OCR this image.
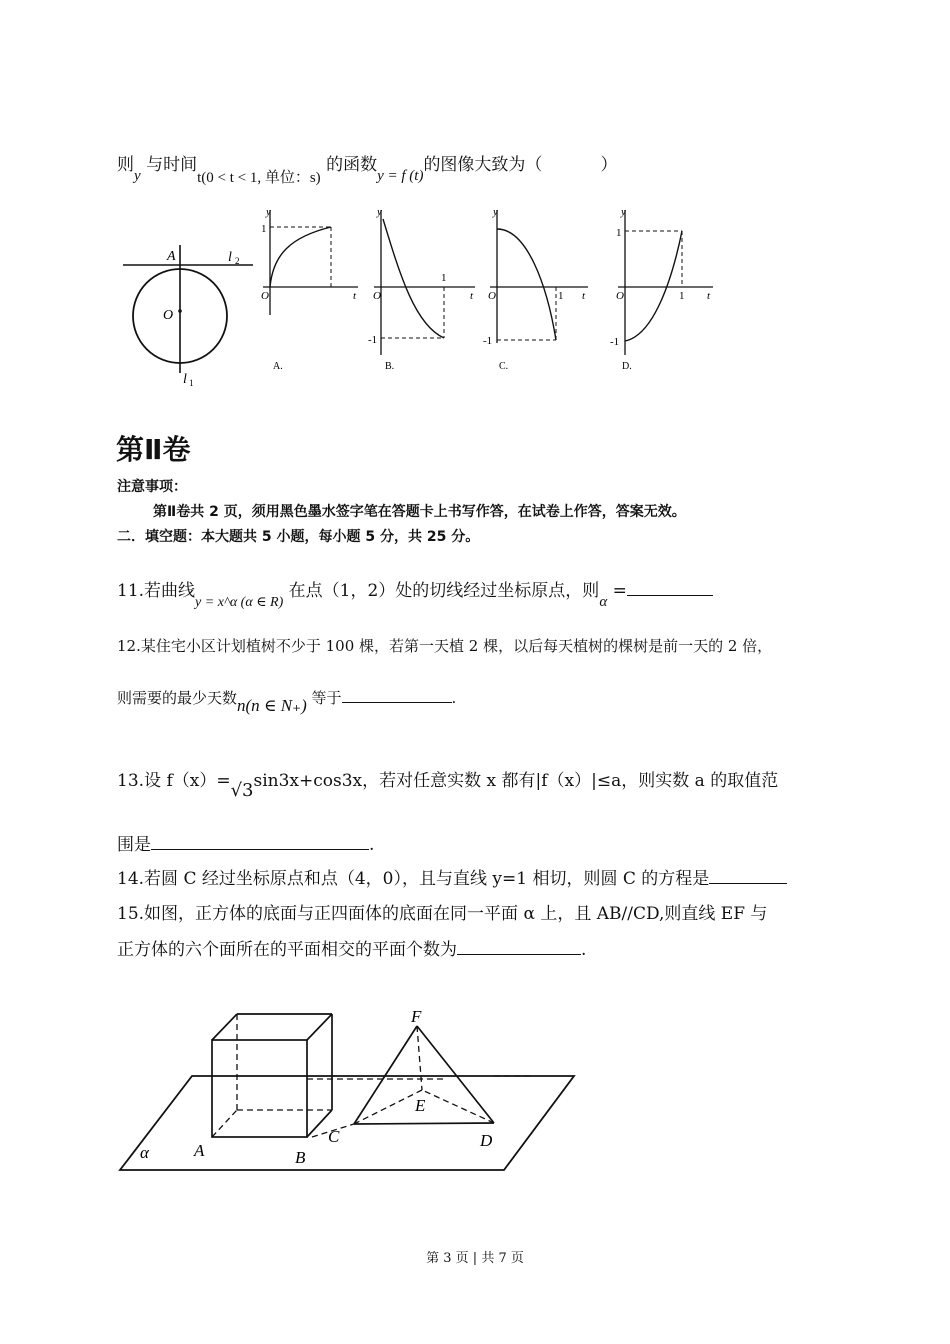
则y 与时间t(0 < t < 1, 单位：s) 的函数y = f (t)的图像大致为（	）
A
O
l 2
l 1
y
t
O
1
A.
y
t
O
1
-1
B.
y
t
O	1
-1
C.
y
t
O
1
1
-1
D.
第Ⅱ卷
注意事项：
第Ⅱ卷共 2 页，须用黑色墨水签字笔在答题卡上书写作答，在试卷上作答，答案无效。
二．填空题：本大题共 5 小题，每小题 5 分，共 25 分。
11.若曲线$_{y = x\^{}\alpha (\alpha \in R)}$ 在点（1，2）处的切线经过坐标原点，则α =
12.某住宅小区计划植树不少于 100 棵，若第一天植 2 棵，以后每天植树的棵树是前一天的 2 倍，
则需要的最少天数n(n ∈ N₊) 等于	.
13.设 f（x）=√3sin3x+cos3x，若对任意实数 x 都有|f（x）|≤a，则实数 a 的取值范
围是	.
14.若圆 C 经过坐标原点和点（4，0），且与直线 y=1 相切，则圆 C 的方程是
15.如图，正方体的底面与正四面体的底面在同一平面 α 上，且 AB//CD,则直线 EF 与
正方体的六个面所在的平面相交的平面个数为	.
F
E
C	D
A	B
α
第 3 页 | 共 7 页
